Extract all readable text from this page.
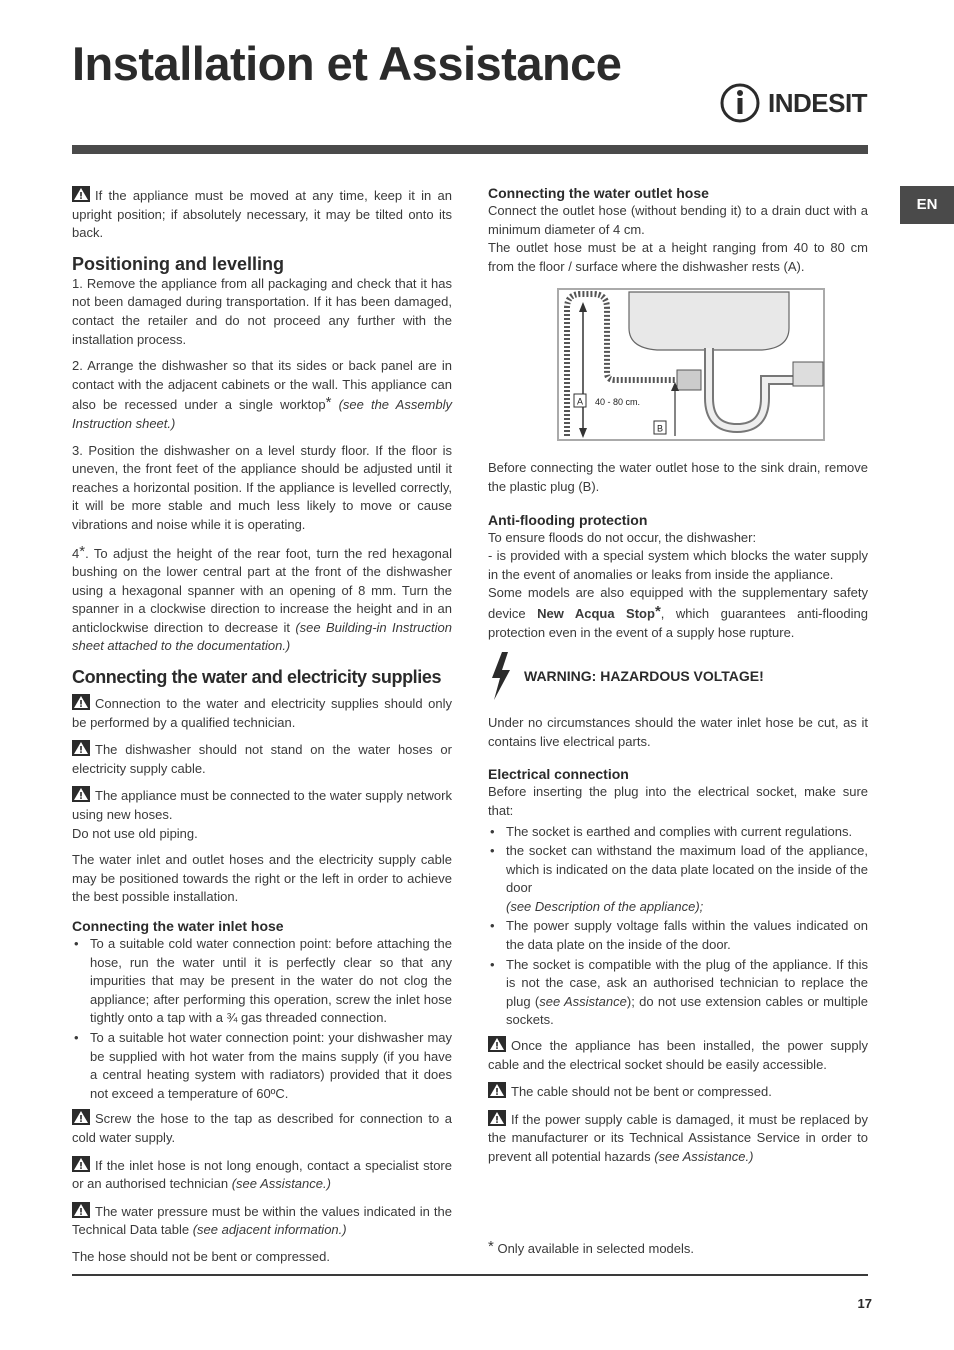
Installation et Assistance
INDESIT
EN

If the appliance must be moved at any time, keep it in an upright position; if absolutely necessary, it may be tilted onto its back.

Positioning and levelling

1. Remove the appliance from all packaging and check that it has not been damaged during transportation. If it has been damaged, contact the retailer and do not proceed any further with the installation process.

2. Arrange the dishwasher so that its sides or back panel are in contact with the adjacent cabinets or the wall. This appliance can also be recessed under a single worktop* (see the Assembly Instruction sheet.)

3. Position the dishwasher on a level sturdy floor. If the floor is uneven, the front feet of the appliance should be adjusted until it reaches a horizontal position. If the appliance is levelled correctly, it will be more stable and much less likely to move or cause vibrations and noise while it is operating.

4*. To adjust the height of the rear foot, turn the red hexagonal bushing on the lower central part at the front of the dishwasher using a hexagonal spanner with an opening of 8 mm. Turn the spanner in a clockwise direction to increase the height and in an anticlockwise direction to decrease it (see Building-in Instruction sheet attached to the documentation.)

Connecting the water and electricity supplies

Connection to the water and electricity supplies should only be performed by a qualified technician.

The dishwasher should not stand on the water hoses or electricity supply cable.

The appliance must be connected to the water supply network using new hoses.

Do not use old piping.

The water inlet and outlet hoses and the electricity supply cable may be positioned towards the right or the left in order to achieve the best possible installation.

Connecting the water inlet hose
• To a suitable cold water connection point: before attaching the hose, run the water until it is perfectly clear so that any impurities that may be present in the water do not clog the appliance; after performing this operation, screw the inlet hose tightly onto a tap with a ¾ gas threaded connection.
• To a suitable hot water connection point: your dishwasher may be supplied with hot water from the mains supply (if you have a central heating system with radiators) provided that it does not exceed a temperature of 60ºC.

Screw the hose to the tap as described for connection to a cold water supply.

If the inlet hose is not long enough, contact a specialist store or an authorised technician (see Assistance.)

The water pressure must be within the values indicated in the Technical Data table (see adjacent information.)

The hose should not be bent or compressed.

Connecting the water outlet hose

Connect the outlet hose (without bending it) to a drain duct with a minimum diameter of 4 cm.

The outlet hose must be at a height ranging from 40 to 80 cm from the floor / surface where the dishwasher rests (A).

A 40 - 80 cm.
B

Before connecting the water outlet hose to the sink drain, remove the plastic plug (B).

Anti-flooding protection

To ensure floods do not occur, the dishwasher:

- is provided with a special system which blocks the water supply in the event of anomalies or leaks from inside the appliance.

Some models are also equipped with the supplementary safety device New Acqua Stop*, which guarantees anti-flooding protection even in the event of a supply hose rupture.

WARNING: HAZARDOUS VOLTAGE!

Under no circumstances should the water inlet hose be cut, as it contains live electrical parts.

Electrical connection

Before inserting the plug into the electrical socket, make sure that:

• The socket is earthed and complies with current regulations.
• the socket can withstand the maximum load of the appliance, which is indicated on the data plate located on the inside of the door
(see Description of the appliance);
• The power supply voltage falls within the values indicated on the data plate on the inside of the door.
• The socket is compatible with the plug of the appliance. If this is not the case, ask an authorised technician to replace the plug (see Assistance); do not use extension cables or multiple sockets.

Once the appliance has been installed, the power supply cable and the electrical socket should be easily accessible.

The cable should not be bent or compressed.

If the power supply cable is damaged, it must be replaced by the manufacturer or its Technical Assistance Service in order to prevent all potential hazards (see Assistance.)

* Only available in selected models.
17
